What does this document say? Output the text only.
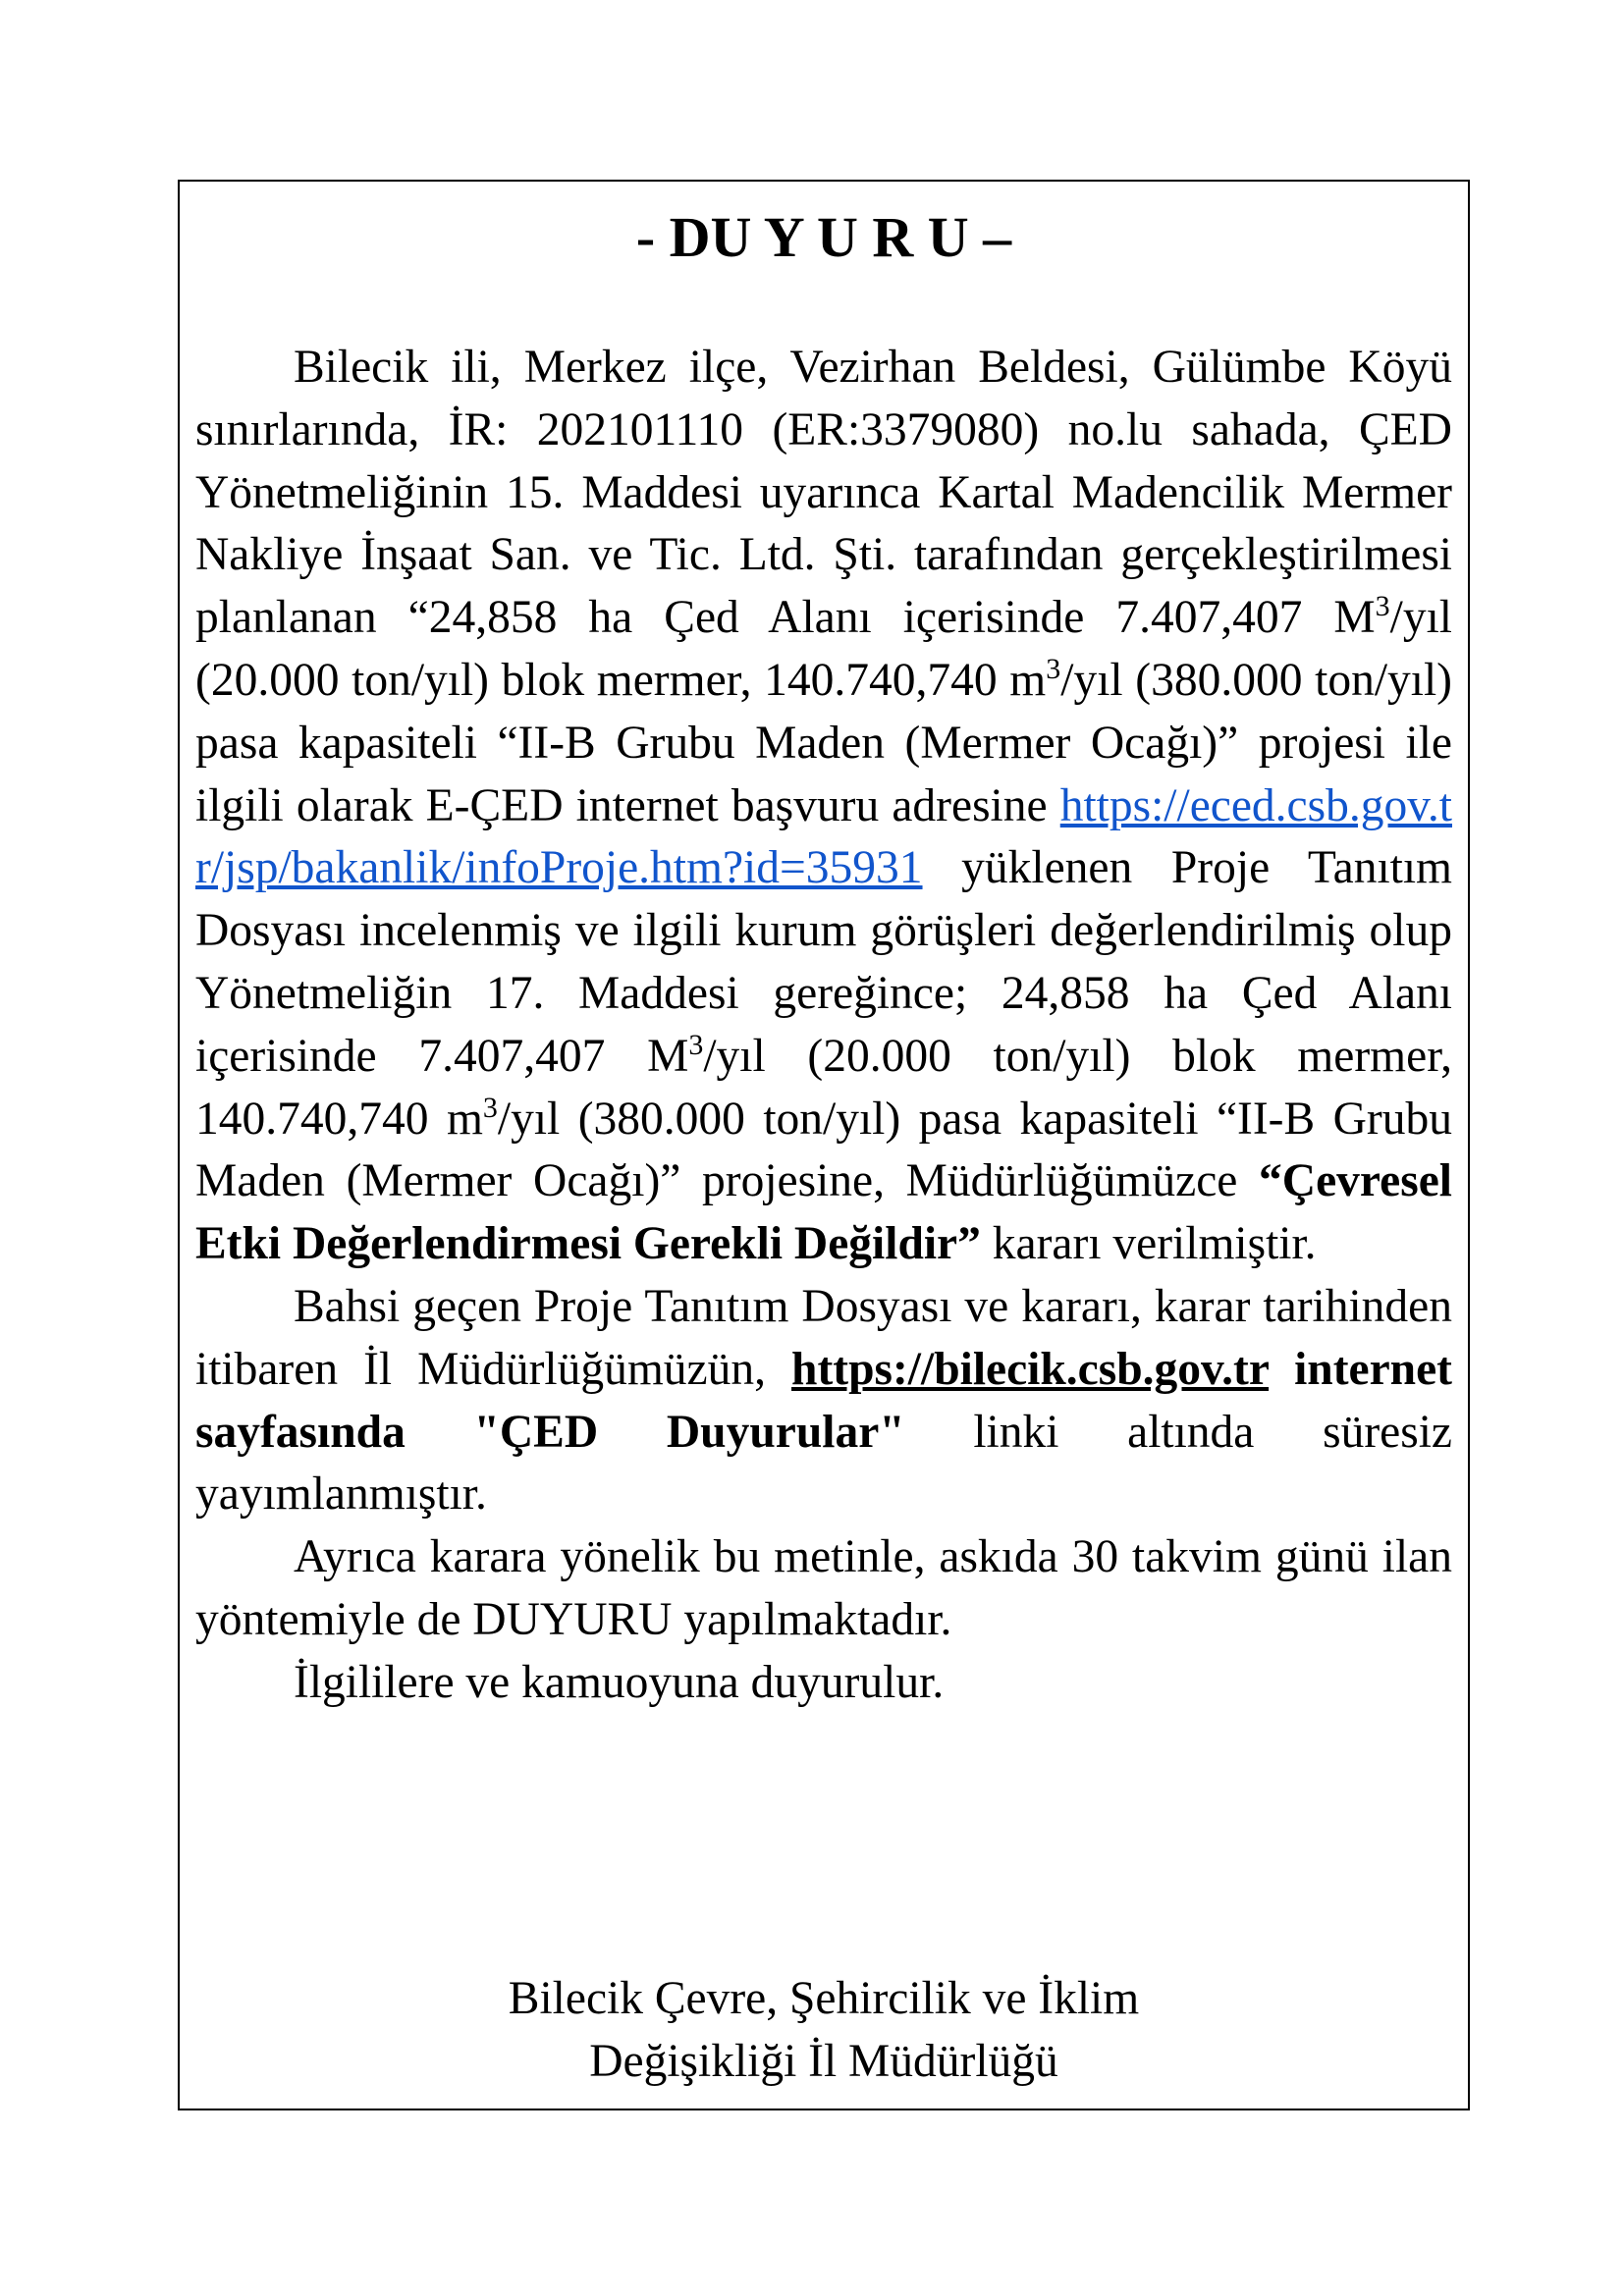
- DU Y U R U –

Bilecik ili, Merkez ilçe, Vezirhan Beldesi, Gülümbe Köyü sınırlarında, İR: 202101110 (ER:3379080) no.lu sahada, ÇED Yönetmeliğinin 15. Maddesi uyarınca Kartal Madencilik Mermer Nakliye İnşaat San. ve Tic. Ltd. Şti. tarafından gerçekleştirilmesi planlanan “24,858 ha Çed Alanı içerisinde 7.407,407 $M^3$/yıl (20.000 ton/yıl) blok mermer, 140.740,740 $m^3$/yıl (380.000 ton/yıl) pasa kapasiteli “II-B Grubu Maden (Mermer Ocağı)” projesi ile ilgili olarak E-ÇED internet başvuru adresine https://eced.csb.gov.tr/jsp/bakanlik/infoProje.htm?id=35931 yüklenen Proje Tanıtım Dosyası incelenmiş ve ilgili kurum görüşleri değerlendirilmiş olup Yönetmeliğin 17. Maddesi gereğince; 24,858 ha Çed Alanı içerisinde 7.407,407 $M^3$/yıl (20.000 ton/yıl) blok mermer, 140.740,740 $m^3$/yıl (380.000 ton/yıl) pasa kapasiteli “II-B Grubu Maden (Mermer Ocağı)” projesine, Müdürlüğümüzce “Çevresel Etki Değerlendirmesi Gerekli Değildir” kararı verilmiştir.

Bahsi geçen Proje Tanıtım Dosyası ve kararı, karar tarihinden itibaren İl Müdürlüğümüzün, https://bilecik.csb.gov.tr internet sayfasında "ÇED Duyurular" linki altında süresiz yayımlanmıştır.

Ayrıca karara yönelik bu metinle, askıda 30 takvim günü ilan yöntemiyle de DUYURU yapılmaktadır.

İlgililere ve kamuoyuna duyurulur.

Bilecik Çevre, Şehircilik ve İklim
Değişikliği İl Müdürlüğü
